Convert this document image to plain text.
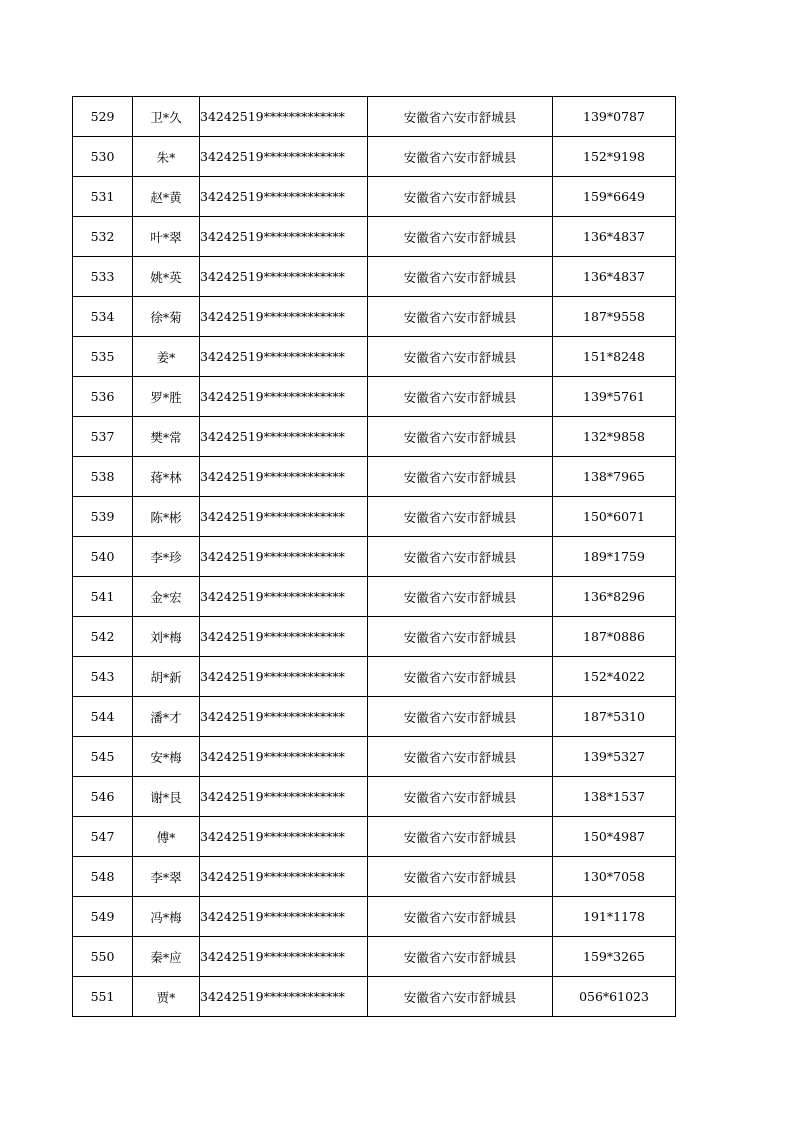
529	卫*久	34242519*************	安徽省六安市舒城县	139*0787
530	朱*	34242519*************	安徽省六安市舒城县	152*9198
531	赵*黄	34242519*************	安徽省六安市舒城县	159*6649
532	叶*翠	34242519*************	安徽省六安市舒城县	136*4837
533	姚*英	34242519*************	安徽省六安市舒城县	136*4837
534	徐*菊	34242519*************	安徽省六安市舒城县	187*9558
535	姜*	34242519*************	安徽省六安市舒城县	151*8248
536	罗*胜	34242519*************	安徽省六安市舒城县	139*5761
537	樊*常	34242519*************	安徽省六安市舒城县	132*9858
538	蒋*林	34242519*************	安徽省六安市舒城县	138*7965
539	陈*彬	34242519*************	安徽省六安市舒城县	150*6071
540	李*珍	34242519*************	安徽省六安市舒城县	189*1759
541	金*宏	34242519*************	安徽省六安市舒城县	136*8296
542	刘*梅	34242519*************	安徽省六安市舒城县	187*0886
543	胡*新	34242519*************	安徽省六安市舒城县	152*4022
544	潘*才	34242519*************	安徽省六安市舒城县	187*5310
545	安*梅	34242519*************	安徽省六安市舒城县	139*5327
546	谢*艮	34242519*************	安徽省六安市舒城县	138*1537
547	傅*	34242519*************	安徽省六安市舒城县	150*4987
548	李*翠	34242519*************	安徽省六安市舒城县	130*7058
549	冯*梅	34242519*************	安徽省六安市舒城县	191*1178
550	秦*应	34242519*************	安徽省六安市舒城县	159*3265
551	贾*	34242519*************	安徽省六安市舒城县	056*61023
